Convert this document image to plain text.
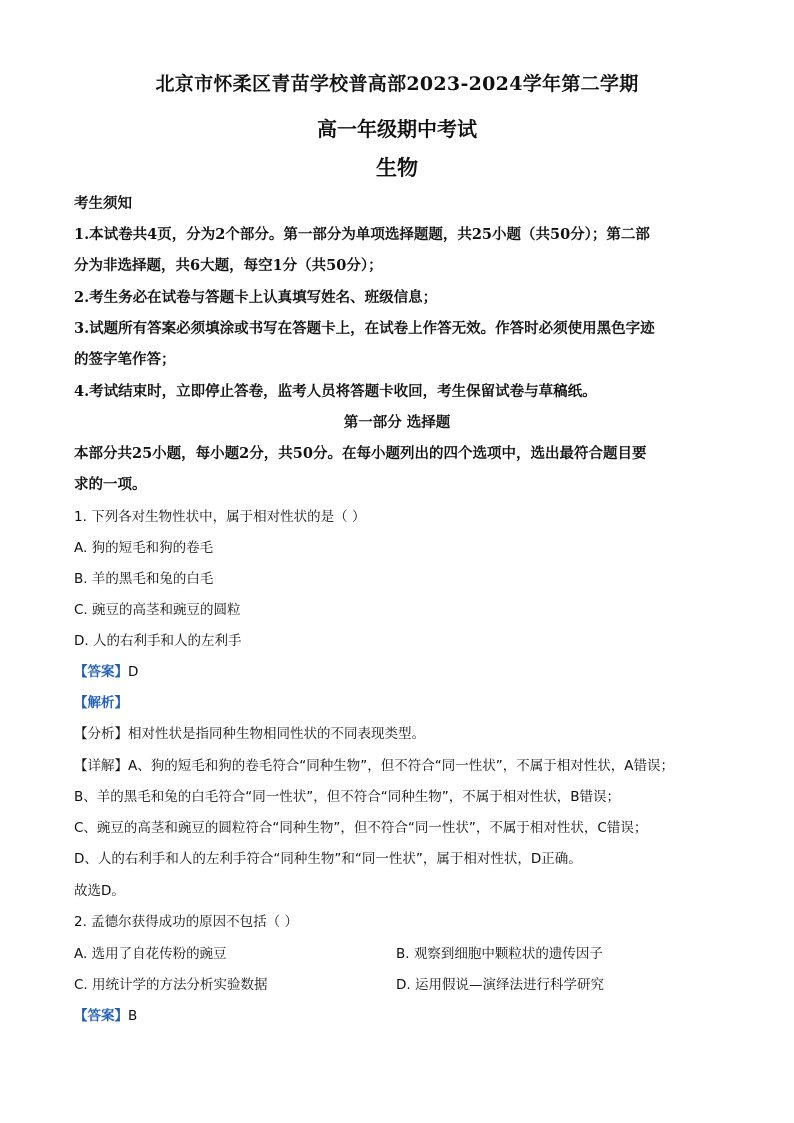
北京市怀柔区青苗学校普高部2023-2024学年第二学期
高一年级期中考试
生物
考生须知
1.本试卷共4页，分为2个部分。第一部分为单项选择题题，共25小题（共50分）；第二部
分为非选择题，共6大题，每空1分（共50分）；
2.考生务必在试卷与答题卡上认真填写姓名、班级信息；
3.试题所有答案必须填涂或书写在答题卡上，在试卷上作答无效。作答时必须使用黑色字迹
的签字笔作答；
4.考试结束时，立即停止答卷，监考人员将答题卡收回，考生保留试卷与草稿纸。
第一部分 选择题
本部分共25小题，每小题2分，共50分。在每小题列出的四个选项中，选出最符合题目要
求的一项。
1. 下列各对生物性状中，属于相对性状的是（ ）
A. 狗的短毛和狗的卷毛
B. 羊的黑毛和兔的白毛
C. 豌豆的高茎和豌豆的圆粒
D. 人的右利手和人的左利手
【答案】D
【解析】
【分析】相对性状是指同种生物相同性状的不同表现类型。
【详解】A、狗的短毛和狗的卷毛符合“同种生物”，但不符合“同一性状”，不属于相对性状，A错误；
B、羊的黑毛和兔的白毛符合“同一性状”，但不符合“同种生物”，不属于相对性状，B错误；
C、豌豆的高茎和豌豆的圆粒符合“同种生物”，但不符合“同一性状”，不属于相对性状，C错误；
D、人的右利手和人的左利手符合“同种生物”和“同一性状”，属于相对性状，D正确。
故选D。
2. 孟德尔获得成功的原因不包括（ ）
A. 选用了自花传粉的豌豆	B. 观察到细胞中颗粒状的遗传因子
C. 用统计学的方法分析实验数据	D. 运用假说—演绎法进行科学研究
【答案】B
